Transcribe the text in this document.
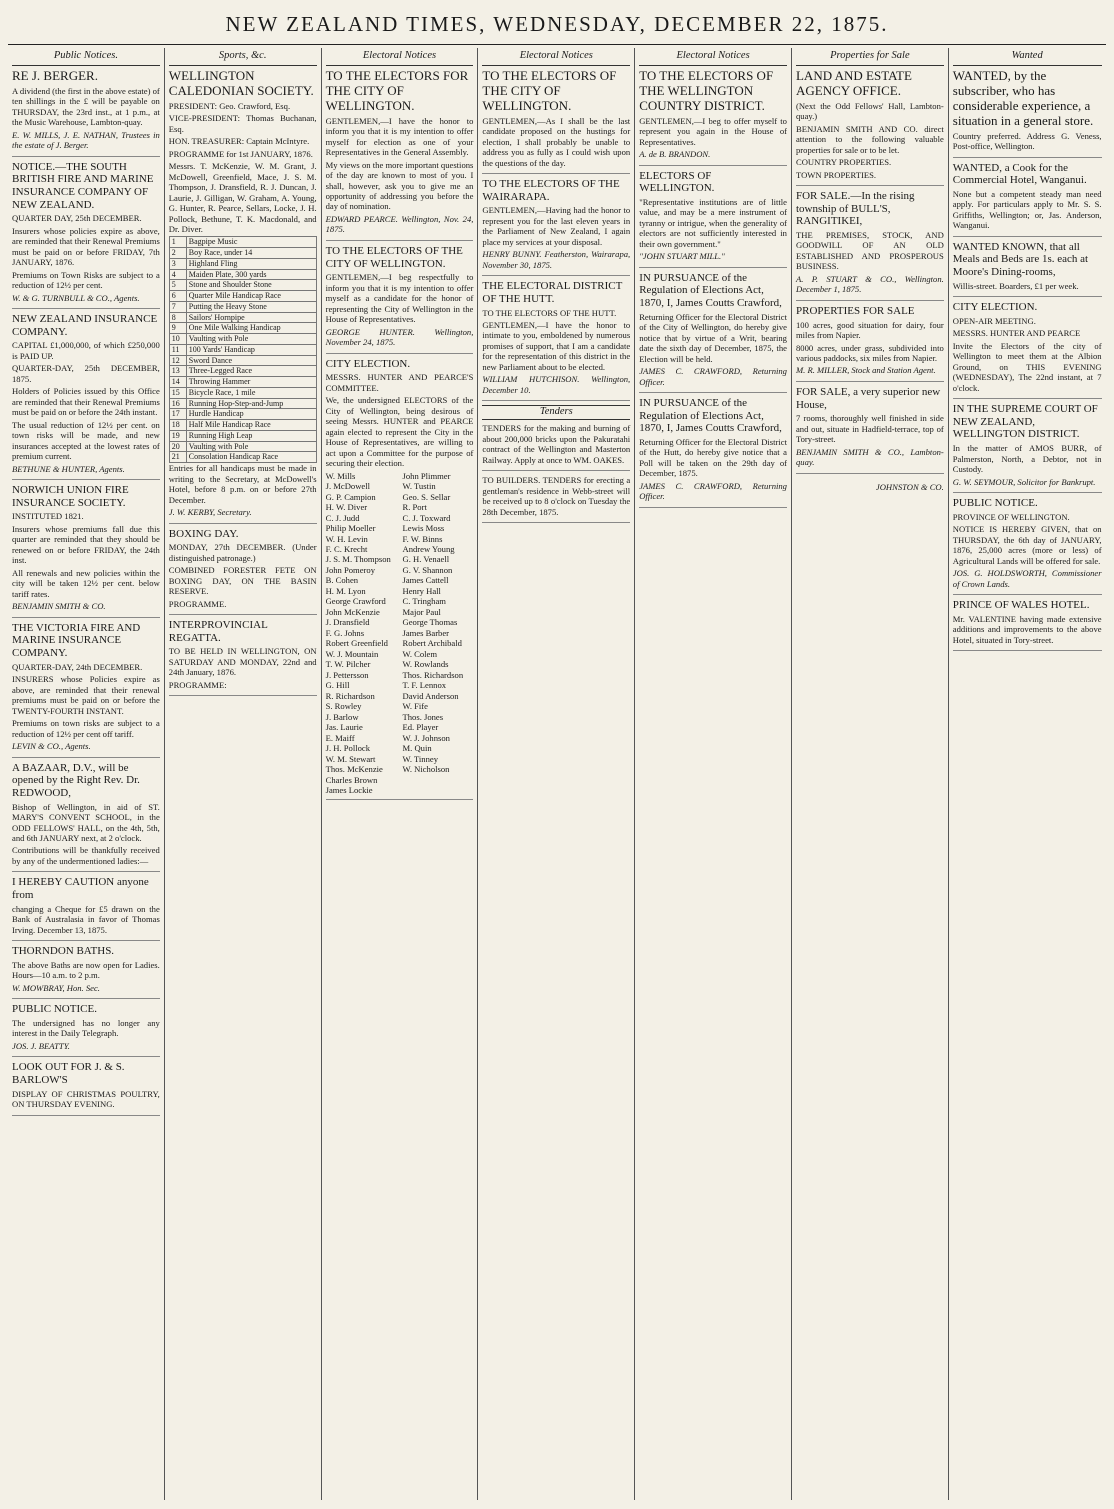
NEW ZEALAND TIMES, WEDNESDAY, DECEMBER 22, 1875.
Public Notices.
RE J. BERGER.

A dividend (the first in the above estate) of ten shillings in the £ will be payable on THURSDAY, the 23rd inst., at 1 p.m., at the Music Warehouse, Lambton-quay.

E. W. MILLS, J. E. NATHAN, Trustees in the estate of J. Berger.

NOTICE.—THE SOUTH BRITISH FIRE AND MARINE INSURANCE COMPANY OF NEW ZEALAND.

QUARTER DAY, 25th DECEMBER.

Insurers whose policies expire as above, are reminded that their Renewal Premiums must be paid on or before FRIDAY, 7th JANUARY, 1876.

Premiums on Town Risks are subject to a reduction of 12½ per cent.

W. & G. TURNBULL & CO., Agents.

NEW ZEALAND INSURANCE COMPANY.

CAPITAL £1,000,000, of which £250,000 is PAID UP.

QUARTER-DAY, 25th DECEMBER, 1875.

Holders of Policies issued by this Office are reminded that their Renewal Premiums must be paid on or before the 24th instant.

The usual reduction of 12½ per cent. on town risks will be made, and new insurances accepted at the lowest rates of premium current.

BETHUNE & HUNTER, Agents.

NORWICH UNION FIRE INSURANCE SOCIETY.

INSTITUTED 1821.

Insurers whose premiums fall due this quarter are reminded that they should be renewed on or before FRIDAY, the 24th inst.

All renewals and new policies within the city will be taken 12½ per cent. below tariff rates.

BENJAMIN SMITH & CO.

THE VICTORIA FIRE AND MARINE INSURANCE COMPANY.

QUARTER-DAY, 24th DECEMBER.

INSURERS whose Policies expire as above, are reminded that their renewal premiums must be paid on or before the TWENTY-FOURTH INSTANT.

Premiums on town risks are subject to a reduction of 12½ per cent off tariff.

LEVIN & CO., Agents.

A BAZAAR, D.V., will be opened by the Right Rev. Dr. REDWOOD,

Bishop of Wellington, in aid of ST. MARY'S CONVENT SCHOOL, in the ODD FELLOWS' HALL, on the 4th, 5th, and 6th JANUARY next, at 2 o'clock.

Contributions will be thankfully received by any of the undermentioned ladies:—

I HEREBY CAUTION anyone from

changing a Cheque for £5 drawn on the Bank of Australasia in favor of Thomas Irving. December 13, 1875.

THORNDON BATHS.

The above Baths are now open for Ladies. Hours—10 a.m. to 2 p.m.

W. MOWBRAY, Hon. Sec.

PUBLIC NOTICE.

The undersigned has no longer any interest in the Daily Telegraph.

JOS. J. BEATTY.

LOOK OUT FOR J. & S. BARLOW'S

DISPLAY OF CHRISTMAS POULTRY, ON THURSDAY EVENING.

Sports, &c.
WELLINGTON CALEDONIAN SOCIETY.

PRESIDENT: Geo. Crawford, Esq.

VICE-PRESIDENT: Thomas Buchanan, Esq.

HON. TREASURER: Captain McIntyre.

PROGRAMME for 1st JANUARY, 1876.

Messrs. T. McKenzie, W. M. Grant, J. McDowell, Greenfield, Mace, J. S. M. Thompson, J. Dransfield, R. J. Duncan, J. Laurie, J. Gilligan, W. Graham, A. Young, G. Hunter, R. Pearce, Sellars, Locke, J. H. Pollock, Bethune, T. K. Macdonald, and Dr. Diver.

1	Bagpipe Music
2	Boy Race, under 14
3	Highland Fling
4	Maiden Plate, 300 yards
5	Stone and Shoulder Stone
6	Quarter Mile Handicap Race
7	Putting the Heavy Stone
8	Sailors' Hornpipe
9	One Mile Walking Handicap
10	Vaulting with Pole
11	100 Yards' Handicap
12	Sword Dance
13	Three-Legged Race
14	Throwing Hammer
15	Bicycle Race, 1 mile
16	Running Hop-Step-and-Jump
17	Hurdle Handicap
18	Half Mile Handicap Race
19	Running High Leap
20	Vaulting with Pole
21	Consolation Handicap Race

Entries for all handicaps must be made in writing to the Secretary, at McDowell's Hotel, before 8 p.m. on or before 27th December.

J. W. KERBY, Secretary.

BOXING DAY.

MONDAY, 27th DECEMBER. (Under distinguished patronage.)

COMBINED FORESTER FETE ON BOXING DAY, ON THE BASIN RESERVE.

PROGRAMME.

INTERPROVINCIAL REGATTA.

TO BE HELD IN WELLINGTON, ON SATURDAY AND MONDAY, 22nd and 24th January, 1876.

PROGRAMME:

Electoral Notices
TO THE ELECTORS FOR THE CITY OF WELLINGTON.

GENTLEMEN,—I have the honor to inform you that it is my intention to offer myself for election as one of your Representatives in the General Assembly.

My views on the more important questions of the day are known to most of you. I shall, however, ask you to give me an opportunity of addressing you before the day of nomination.

EDWARD PEARCE. Wellington, Nov. 24, 1875.

TO THE ELECTORS OF THE CITY OF WELLINGTON.

GENTLEMEN,—I beg respectfully to inform you that it is my intention to offer myself as a candidate for the honor of representing the City of Wellington in the House of Representatives.

GEORGE HUNTER. Wellington, November 24, 1875.

CITY ELECTION.

MESSRS. HUNTER AND PEARCE'S COMMITTEE.

We, the undersigned ELECTORS of the City of Wellington, being desirous of seeing Messrs. HUNTER and PEARCE again elected to represent the City in the House of Representatives, are willing to act upon a Committee for the purpose of securing their election.

W. Mills
J. McDowell
G. P. Campion
H. W. Diver
C. J. Judd
Philip Moeller
W. H. Levin
F. C. Krecht
J. S. M. Thompson
John Pomeroy
B. Cohen
H. M. Lyon
George Crawford
John McKenzie
J. Dransfield
F. G. Johns
Robert Greenfield
W. J. Mountain
T. W. Pilcher
J. Pettersson
G. Hill
R. Richardson
S. Rowley
J. Barlow
Jas. Laurie
E. Maiff
J. H. Pollock
W. M. Stewart
Thos. McKenzie
Charles Brown
James Lockie
John Plimmer
W. Tustin
Geo. S. Sellar
R. Port
C. J. Toxward
Lewis Moss
F. W. Binns
Andrew Young
G. H. Venaell
G. V. Shannon
James Cattell
Henry Hall
C. Tringham
Major Paul
George Thomas
James Barber
Robert Archibald
W. Colem
W. Rowlands
Thos. Richardson
T. F. Lennox
David Anderson
W. Fife
Thos. Jones
Ed. Player
W. J. Johnson
M. Quin
W. Tinney
W. Nicholson
Electoral Notices
TO THE ELECTORS OF THE CITY OF WELLINGTON.

GENTLEMEN,—As I shall be the last candidate proposed on the hustings for election, I shall probably be unable to address you as fully as I could wish upon the questions of the day.

TO THE ELECTORS OF THE WAIRARAPA.

GENTLEMEN,—Having had the honor to represent you for the last eleven years in the Parliament of New Zealand, I again place my services at your disposal.

HENRY BUNNY. Featherston, Wairarapa, November 30, 1875.

THE ELECTORAL DISTRICT OF THE HUTT.

TO THE ELECTORS OF THE HUTT.

GENTLEMEN,—I have the honor to intimate to you, emboldened by numerous promises of support, that I am a candidate for the representation of this district in the new Parliament about to be elected.

WILLIAM HUTCHISON. Wellington, December 10.

Tenders

TENDERS for the making and burning of about 200,000 bricks upon the Pakuratahi contract of the Wellington and Masterton Railway. Apply at once to WM. OAKES.

TO BUILDERS. TENDERS for erecting a gentleman's residence in Webb-street will be received up to 8 o'clock on Tuesday the 28th December, 1875.

Electoral Notices
TO THE ELECTORS OF THE WELLINGTON COUNTRY DISTRICT.

GENTLEMEN,—I beg to offer myself to represent you again in the House of Representatives.

A. de B. BRANDON.

ELECTORS OF WELLINGTON.

"Representative institutions are of little value, and may be a mere instrument of tyranny or intrigue, when the generality of electors are not sufficiently interested in their own government."

"JOHN STUART MILL."

IN PURSUANCE of the Regulation of Elections Act, 1870, I, James Coutts Crawford,

Returning Officer for the Electoral District of the City of Wellington, do hereby give notice that by virtue of a Writ, bearing date the sixth day of December, 1875, the Election will be held.

JAMES C. CRAWFORD, Returning Officer.

IN PURSUANCE of the Regulation of Elections Act, 1870, I, James Coutts Crawford,

Returning Officer for the Electoral District of the Hutt, do hereby give notice that a Poll will be taken on the 29th day of December, 1875.

JAMES C. CRAWFORD, Returning Officer.

Properties for Sale
LAND AND ESTATE AGENCY OFFICE.

(Next the Odd Fellows' Hall, Lambton-quay.)

BENJAMIN SMITH AND CO. direct attention to the following valuable properties for sale or to be let.

COUNTRY PROPERTIES.

TOWN PROPERTIES.

FOR SALE.—In the rising township of BULL'S, RANGITIKEI,

THE PREMISES, STOCK, AND GOODWILL OF AN OLD ESTABLISHED AND PROSPEROUS BUSINESS.

A. P. STUART & CO., Wellington. December 1, 1875.

PROPERTIES FOR SALE

100 acres, good situation for dairy, four miles from Napier.

8000 acres, under grass, subdivided into various paddocks, six miles from Napier.

M. R. MILLER, Stock and Station Agent.

FOR SALE, a very superior new House,

7 rooms, thoroughly well finished in side and out, situate in Hadfield-terrace, top of Tory-street.

BENJAMIN SMITH & CO., Lambton-quay.

JOHNSTON & CO.

Wanted
WANTED, by the subscriber, who has considerable experience, a situation in a general store.

Country preferred. Address G. Veness, Post-office, Wellington.

WANTED, a Cook for the Commercial Hotel, Wanganui.

None but a competent steady man need apply. For particulars apply to Mr. S. S. Griffiths, Wellington; or, Jas. Anderson, Wanganui.

WANTED KNOWN, that all Meals and Beds are 1s. each at Moore's Dining-rooms,

Willis-street. Boarders, £1 per week.

CITY ELECTION.

OPEN-AIR MEETING.

MESSRS. HUNTER AND PEARCE

Invite the Electors of the city of Wellington to meet them at the Albion Ground, on THIS EVENING (WEDNESDAY), The 22nd instant, at 7 o'clock.

IN THE SUPREME COURT OF NEW ZEALAND, WELLINGTON DISTRICT.

In the matter of AMOS BURR, of Palmerston, North, a Debtor, not in Custody.

G. W. SEYMOUR, Solicitor for Bankrupt.

PUBLIC NOTICE.

PROVINCE OF WELLINGTON.

NOTICE IS HEREBY GIVEN, that on THURSDAY, the 6th day of JANUARY, 1876, 25,000 acres (more or less) of Agricultural Lands will be offered for sale.

JOS. G. HOLDSWORTH, Commissioner of Crown Lands.

PRINCE OF WALES HOTEL.

Mr. VALENTINE having made extensive additions and improvements to the above Hotel, situated in Tory-street.
